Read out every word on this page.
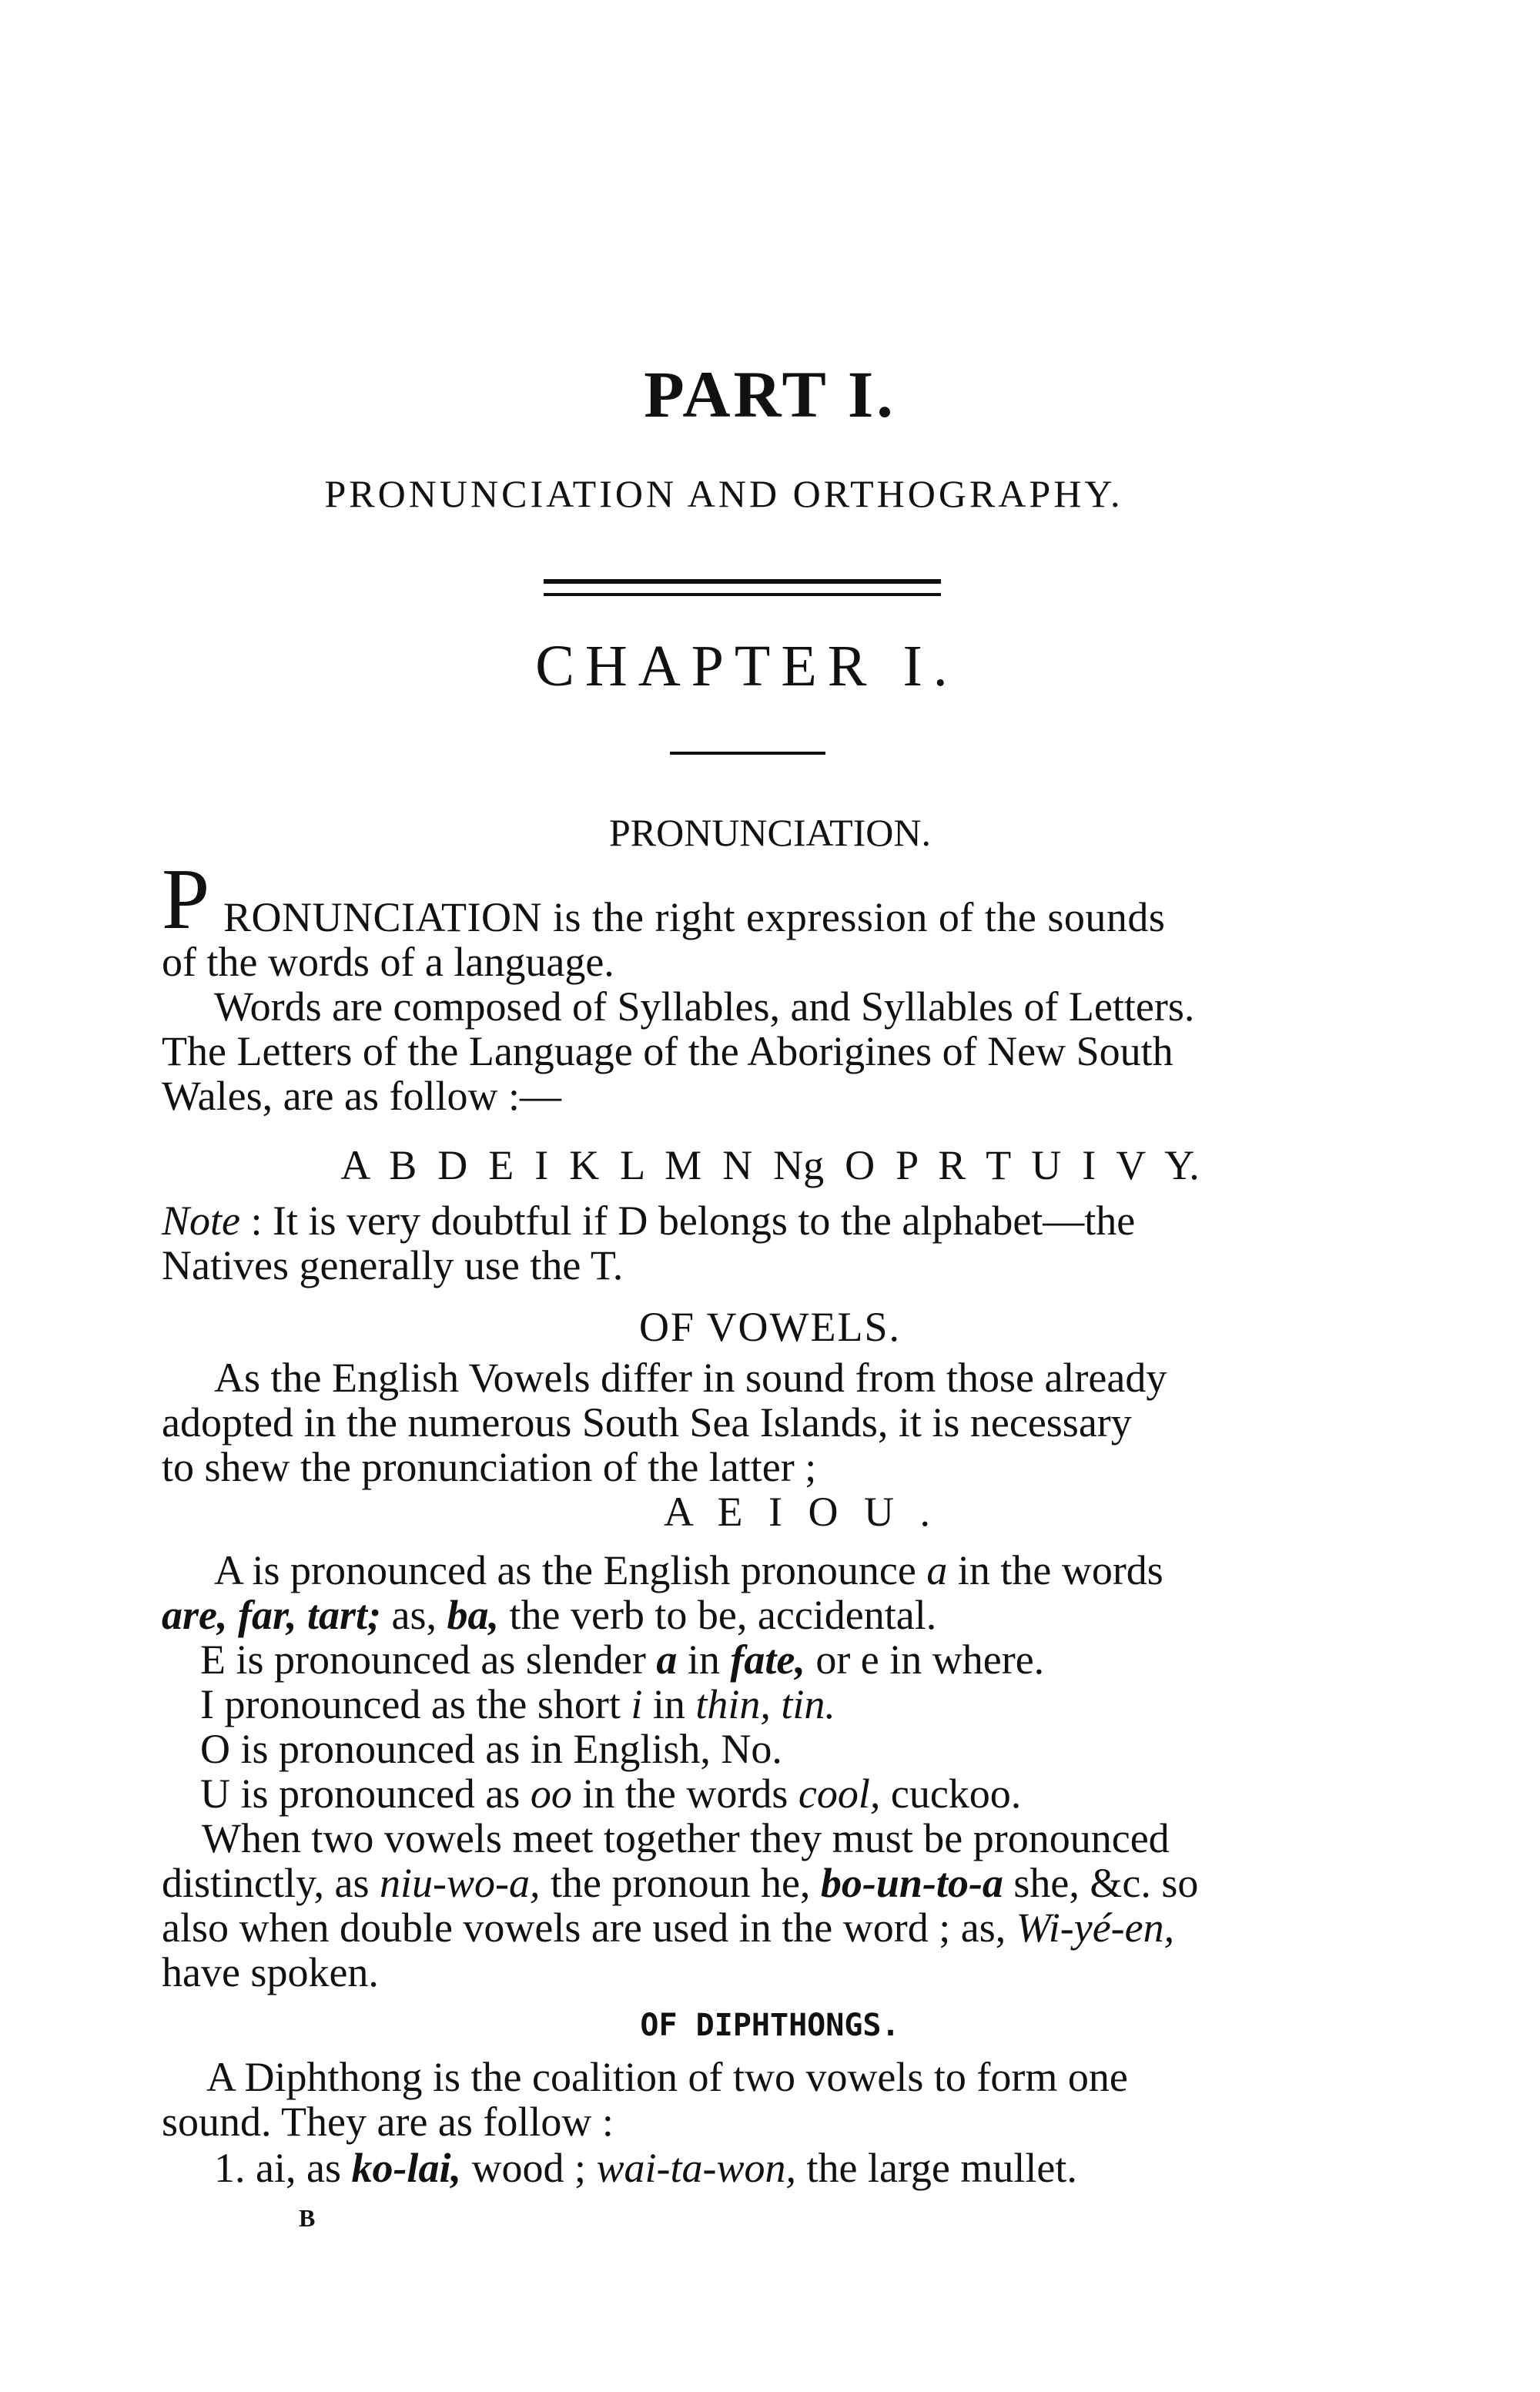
PART I.
PRONUNCIATION AND ORTHOGRAPHY.
CHAPTER I.
PRONUNCIATION.
P RONUNCIATION is the right expression of the sounds
of the words of a language.
Words are composed of Syllables, and Syllables of Letters.
The Letters of the Language of the Aborigines of New South
Wales, are as follow :—
A  B  D  E  I  K  L  M  N  Ng  O  P  R  T  U  I  V  Y.
Note : It is very doubtful if D belongs to the alphabet—the
Natives generally use the T.
OF VOWELS.
As the English Vowels differ in sound from those already
adopted in the numerous South Sea Islands, it is necessary
to shew the pronunciation of the latter ;
A E I O U .
A is pronounced as the English pronounce a in the words
are, far, tart; as, ba, the verb to be, accidental.
E is pronounced as slender a in fate, or e in where.
I pronounced as the short i in thin, tin.
O is pronounced as in English, No.
U is pronounced as oo in the words cool, cuckoo.
When two vowels meet together they must be pronounced
distinctly, as niu-wo-a, the pronoun he, bo-un-to-a she, &c. so
also when double vowels are used in the word ; as, Wi-yé-en,
have spoken.
OF DIPHTHONGS.
A Diphthong is the coalition of two vowels to form one
sound. They are as follow :
1. ai, as ko-lai, wood ; wai-ta-won, the large mullet.
B
